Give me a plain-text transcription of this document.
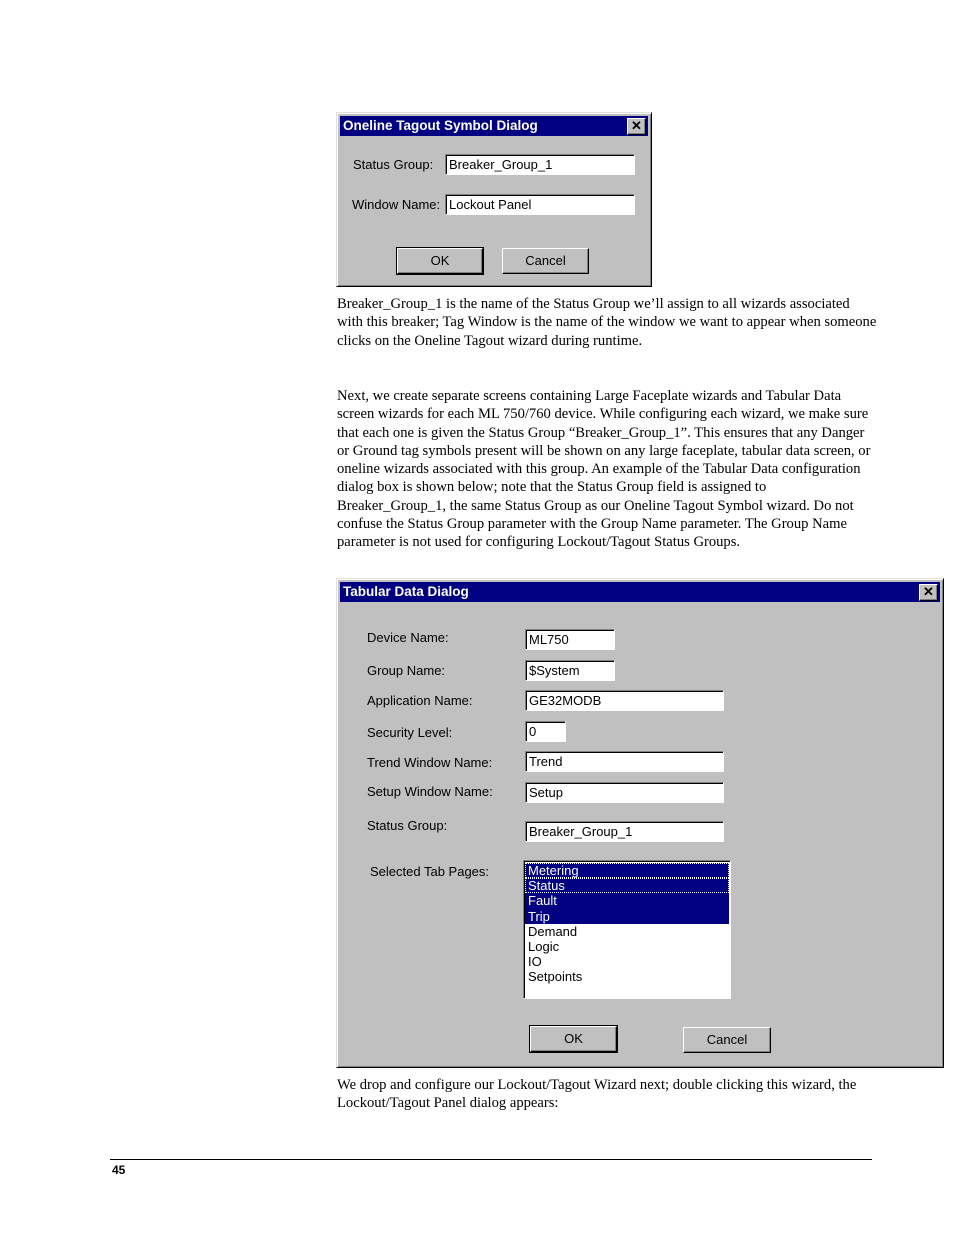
Oneline Tagout Symbol Dialog	✕
Status Group:	Breaker_Group_1
Window Name: Lockout Panel
OK	Cancel

Breaker_Group_1 is the name of the Status Group we’ll assign to all wizards associated with this breaker; Tag Window is the name of the window we want to appear when someone clicks on the Oneline Tagout wizard during runtime.

Next, we create separate screens containing Large Faceplate wizards and Tabular Data screen wizards for each ML 750/760 device. While configuring each wizard, we make sure that each one is given the Status Group “Breaker_Group_1”. This ensures that any Danger or Ground tag symbols present will be shown on any large faceplate, tabular data screen, or oneline wizards associated with this group. An example of the Tabular Data configuration dialog box is shown below; note that the Status Group field is assigned to Breaker_Group_1, the same Status Group as our Oneline Tagout Symbol wizard. Do not confuse the Status Group parameter with the Group Name parameter. The Group Name parameter is not used for configuring Lockout/Tagout Status Groups.

Tabular Data Dialog	✕
Device Name:	ML750
Group Name:	$System
Application Name:	GE32MODB
Security Level:	0
Trend Window Name:	Trend
Setup Window Name:	Setup
Status Group:	Breaker_Group_1
Selected Tab Pages:	Metering
Status
Fault
Trip
Demand
Logic
IO
Setpoints
OK	Cancel

We drop and configure our Lockout/Tagout Wizard next; double clicking this wizard, the Lockout/Tagout Panel dialog appears:

45
